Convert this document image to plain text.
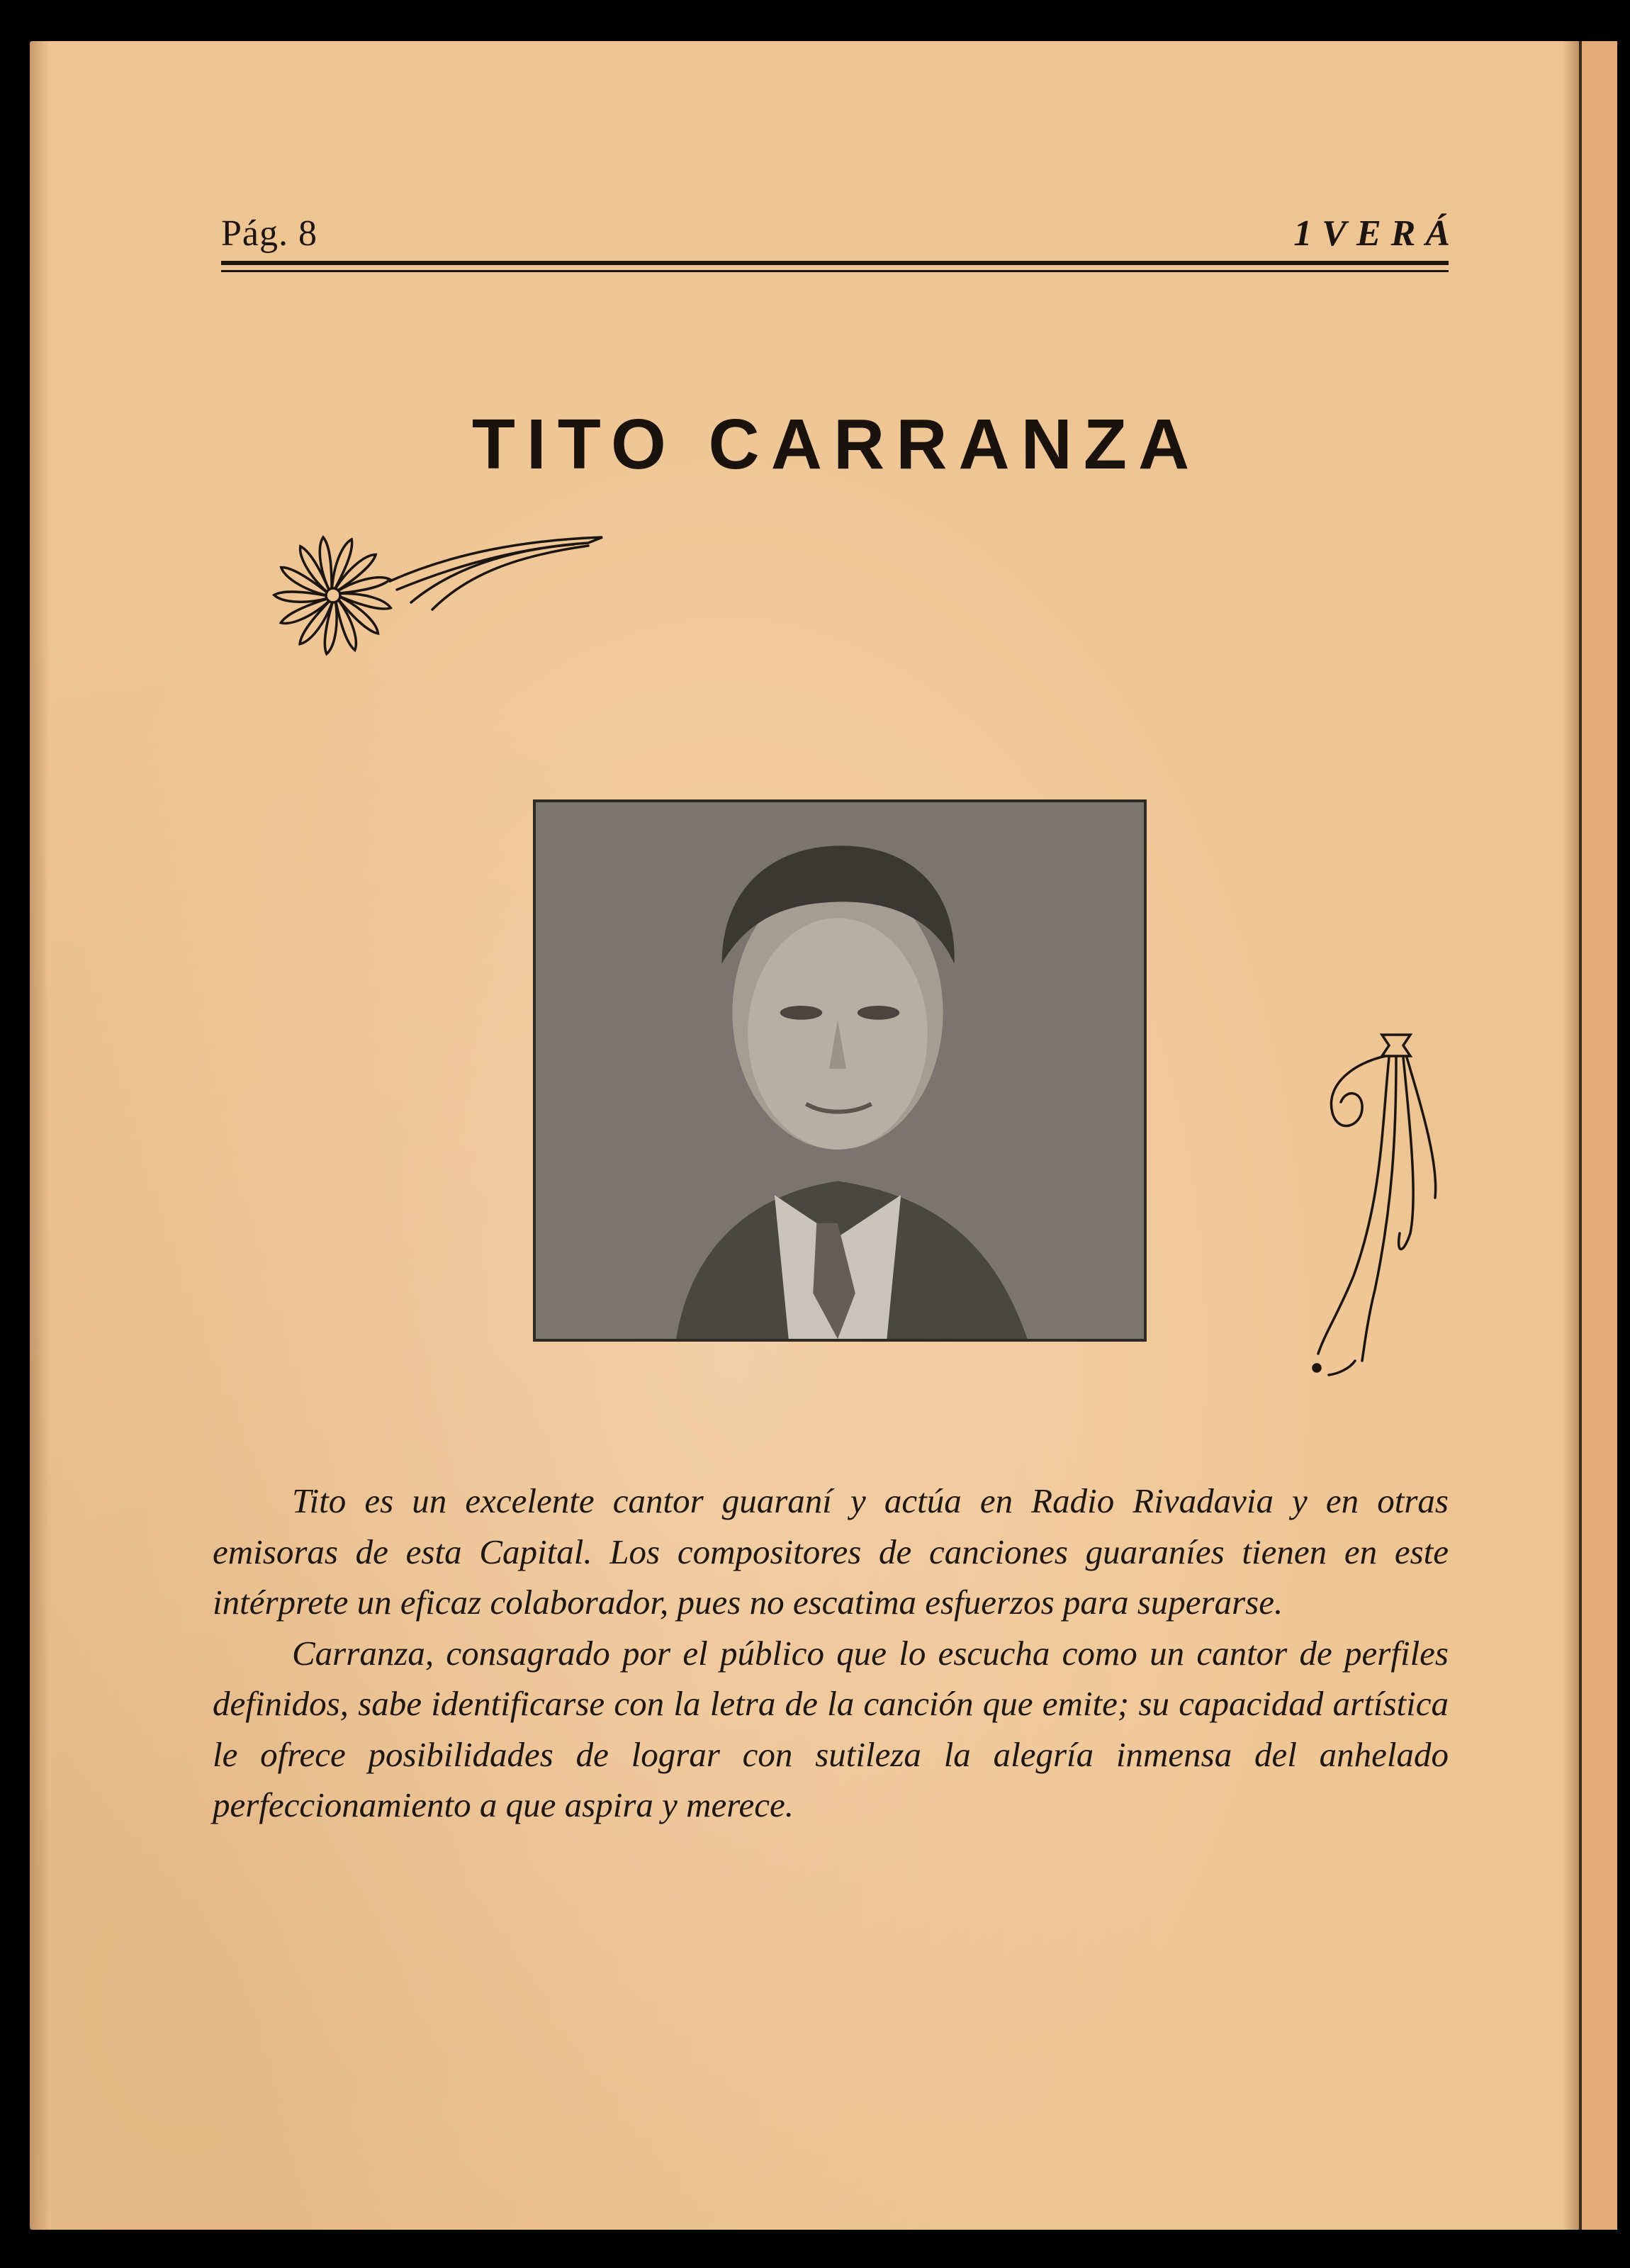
Pág. 8	1VERÁ
TITO CARRANZA

Tito es un excelente cantor guaraní y actúa en Radio Rivadavia y en otras emisoras de esta Capital. Los compositores de canciones guaraníes tienen en este intérprete un eficaz colaborador, pues no escatima esfuerzos para superarse.

Carranza, consagrado por el público que lo escucha como un cantor de perfiles definidos, sabe identificarse con la letra de la canción que emite; su capacidad artística le ofrece posibilidades de lograr con sutileza la alegría inmensa del anhelado perfeccionamiento a que aspira y merece.
